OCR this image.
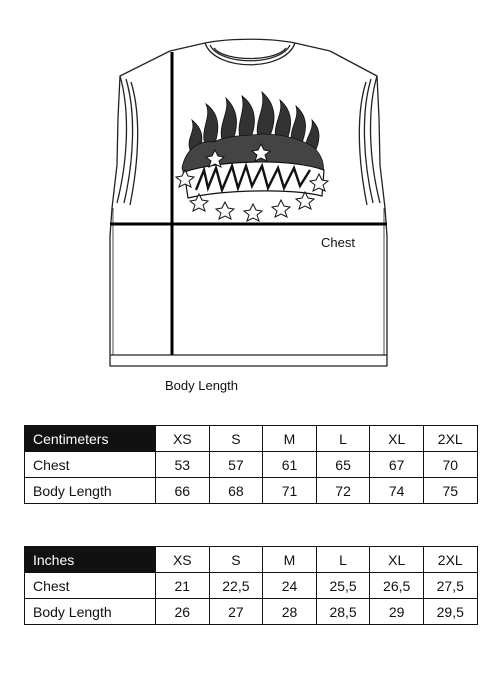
Chest
Body Length
Centimeters	XS	S	M	L	XL	2XL
Chest	53	57	61	65	67	70
Body Length	66	68	71	72	74	75
Inches	XS	S	M	L	XL	2XL
Chest	21	22,5	24	25,5	26,5	27,5
Body Length	26	27	28	28,5	29	29,5
